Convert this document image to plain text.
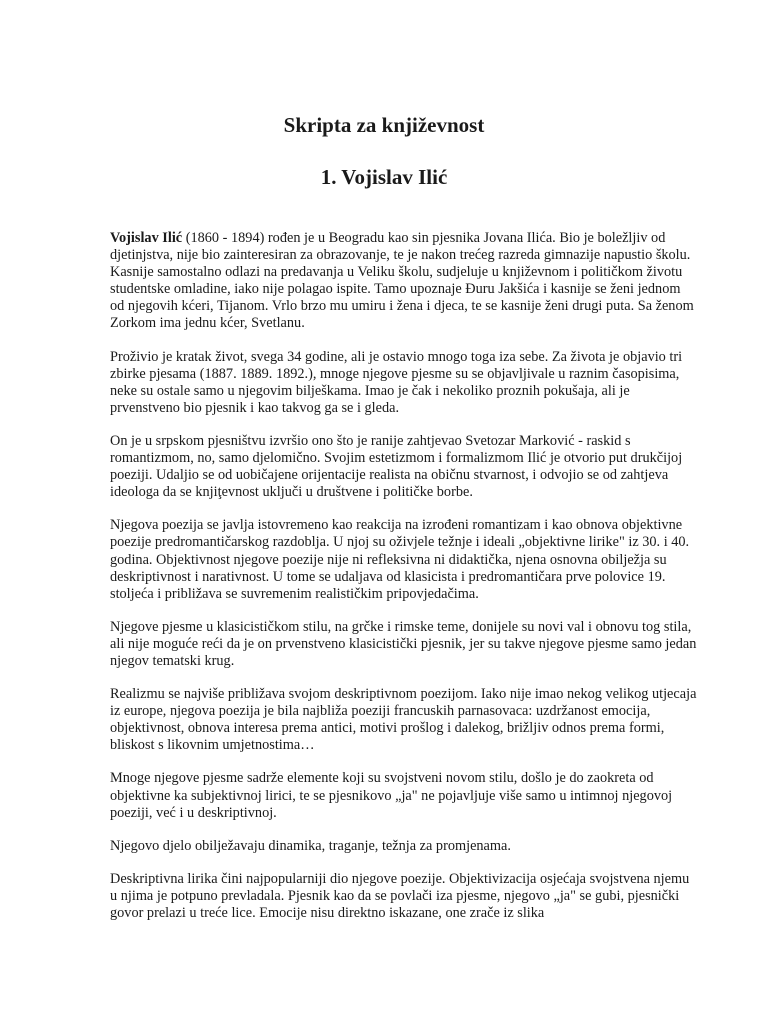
Skripta za književnost
1. Vojislav Ilić

Vojislav Ilić (1860 - 1894) rođen je u Beogradu kao sin pjesnika Jovana Ilića. Bio je boležljiv od djetinjstva, nije bio zainteresiran za obrazovanje, te je nakon trećeg razreda gimnazije napustio školu. Kasnije samostalno odlazi na predavanja u Veliku školu, sudjeluje u književnom i političkom životu studentske omladine, iako nije polagao ispite. Tamo upoznaje Đuru Jakšića i kasnije se ženi jednom od njegovih kćeri, Tijanom. Vrlo brzo mu umiru i žena i djeca, te se kasnije ženi drugi puta. Sa ženom Zorkom ima jednu kćer, Svetlanu.

Proživio je kratak život, svega 34 godine, ali je ostavio mnogo toga iza sebe. Za života je objavio tri zbirke pjesama (1887. 1889. 1892.), mnoge njegove pjesme su se objavljivale u raznim časopisima, neke su ostale samo u njegovim bilješkama. Imao je čak i nekoliko proznih pokušaja, ali je prvenstveno bio pjesnik i kao takvog ga se i gleda.

On je u srpskom pjesništvu izvršio ono što je ranije zahtjevao Svetozar Marković - raskid s romantizmom, no, samo djelomično. Svojim estetizmom i formalizmom Ilić je otvorio put drukčijoj poeziji. Udaljio se od uobičajene orijentacije realista na običnu stvarnost, i odvojio se od zahtjeva ideologa da se knjiţevnost uključi u društvene i političke borbe.

Njegova poezija se javlja istovremeno kao reakcija na izrođeni romantizam i kao obnova objektivne poezije predromantičarskog razdoblja. U njoj su oživjele težnje i ideali „objektivne lirike" iz 30. i 40. godina. Objektivnost njegove poezije nije ni refleksivna ni didaktička, njena osnovna obilježja su deskriptivnost i narativnost. U tome se udaljava od klasicista i predromantičara prve polovice 19. stoljeća i približava se suvremenim realističkim pripovjedačima.

Njegove pjesme u klasicističkom stilu, na grčke i rimske teme, donijele su novi val i obnovu tog stila, ali nije moguće reći da je on prvenstveno klasicistički pjesnik, jer su takve njegove pjesme samo jedan njegov tematski krug.

Realizmu se najviše približava svojom deskriptivnom poezijom. Iako nije imao nekog velikog utjecaja iz europe, njegova poezija je bila najbliža poeziji francuskih parnasovaca: uzdržanost emocija, objektivnost, obnova interesa prema antici, motivi prošlog i dalekog, brižljiv odnos prema formi, bliskost s likovnim umjetnostima…

Mnoge njegove pjesme sadrže elemente koji su svojstveni novom stilu, došlo je do zaokreta od objektivne ka subjektivnoj lirici, te se pjesnikovo „ja" ne pojavljuje više samo u intimnoj njegovoj poeziji, već i u deskriptivnoj.

Njegovo djelo obilježavaju dinamika, traganje, težnja za promjenama.

Deskriptivna lirika čini najpopularniji dio njegove poezije. Objektivizacija osjećaja svojstvena njemu u njima je potpuno prevladala. Pjesnik kao da se povlači iza pjesme, njegovo „ja" se gubi, pjesnički govor prelazi u treće lice. Emocije nisu direktno iskazane, one zrače iz slika
